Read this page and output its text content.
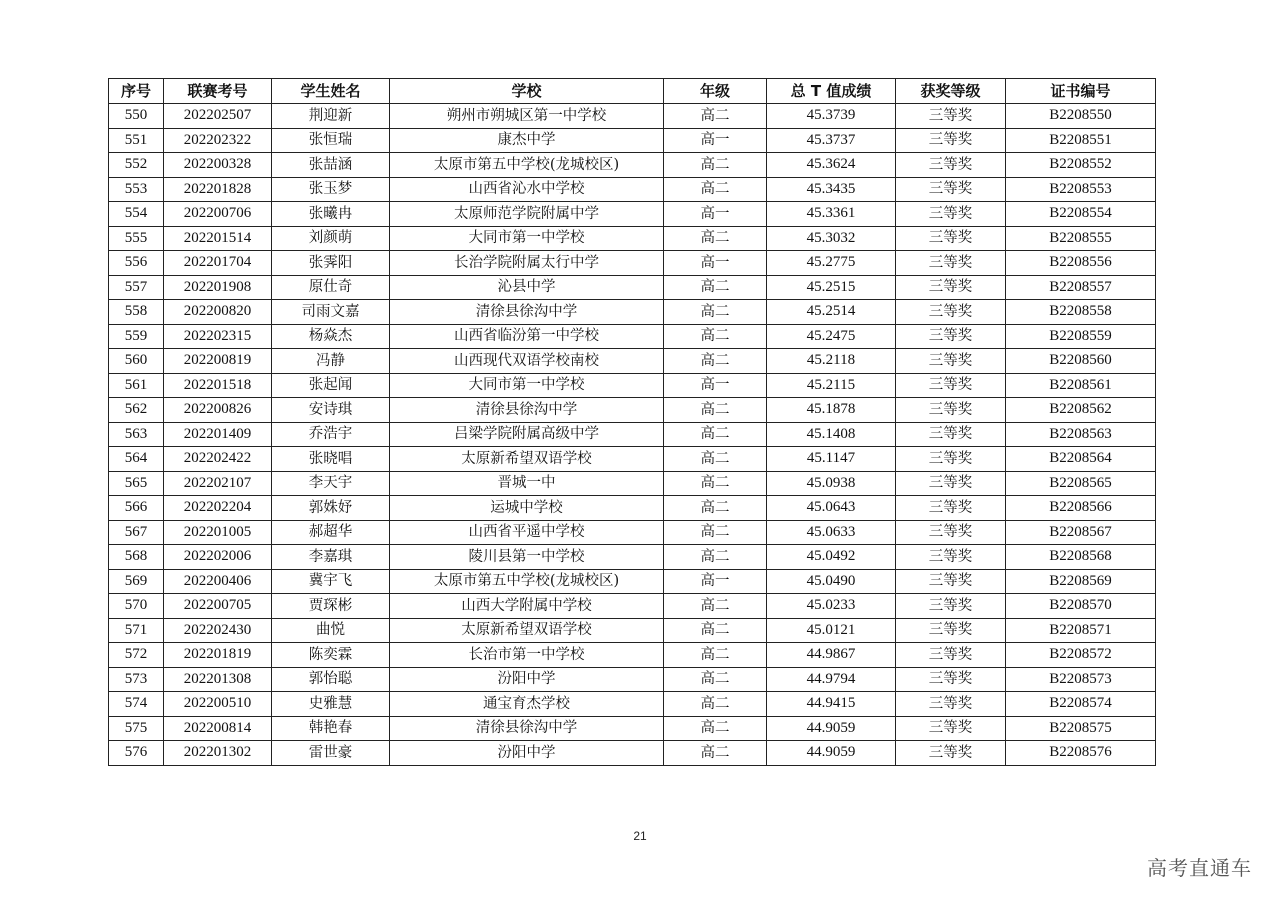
序号	联赛考号	学生姓名	学校	年级	总 T 值成绩	获奖等级	证书编号
550	202202507	荆迎新	朔州市朔城区第一中学校	高二	45.3739	三等奖	B2208550
551	202202322	张恒瑞	康杰中学	高一	45.3737	三等奖	B2208551
552	202200328	张喆涵	太原市第五中学校(龙城校区)	高二	45.3624	三等奖	B2208552
553	202201828	张玉梦	山西省沁水中学校	高二	45.3435	三等奖	B2208553
554	202200706	张曦冉	太原师范学院附属中学	高一	45.3361	三等奖	B2208554
555	202201514	刘颜萌	大同市第一中学校	高二	45.3032	三等奖	B2208555
556	202201704	张霁阳	长治学院附属太行中学	高一	45.2775	三等奖	B2208556
557	202201908	原仕奇	沁县中学	高二	45.2515	三等奖	B2208557
558	202200820	司雨文嘉	清徐县徐沟中学	高二	45.2514	三等奖	B2208558
559	202202315	杨焱杰	山西省临汾第一中学校	高二	45.2475	三等奖	B2208559
560	202200819	冯静	山西现代双语学校南校	高二	45.2118	三等奖	B2208560
561	202201518	张起闻	大同市第一中学校	高一	45.2115	三等奖	B2208561
562	202200826	安诗琪	清徐县徐沟中学	高二	45.1878	三等奖	B2208562
563	202201409	乔浩宇	吕梁学院附属高级中学	高二	45.1408	三等奖	B2208563
564	202202422	张晓唱	太原新希望双语学校	高二	45.1147	三等奖	B2208564
565	202202107	李天宇	晋城一中	高二	45.0938	三等奖	B2208565
566	202202204	郭姝妤	运城中学校	高二	45.0643	三等奖	B2208566
567	202201005	郝超华	山西省平遥中学校	高二	45.0633	三等奖	B2208567
568	202202006	李嘉琪	陵川县第一中学校	高二	45.0492	三等奖	B2208568
569	202200406	冀宇飞	太原市第五中学校(龙城校区)	高一	45.0490	三等奖	B2208569
570	202200705	贾琛彬	山西大学附属中学校	高二	45.0233	三等奖	B2208570
571	202202430	曲悦	太原新希望双语学校	高二	45.0121	三等奖	B2208571
572	202201819	陈奕霖	长治市第一中学校	高二	44.9867	三等奖	B2208572
573	202201308	郭怡聪	汾阳中学	高二	44.9794	三等奖	B2208573
574	202200510	史雅慧	通宝育杰学校	高二	44.9415	三等奖	B2208574
575	202200814	韩艳春	清徐县徐沟中学	高二	44.9059	三等奖	B2208575
576	202201302	雷世豪	汾阳中学	高二	44.9059	三等奖	B2208576
21
高考直通车
